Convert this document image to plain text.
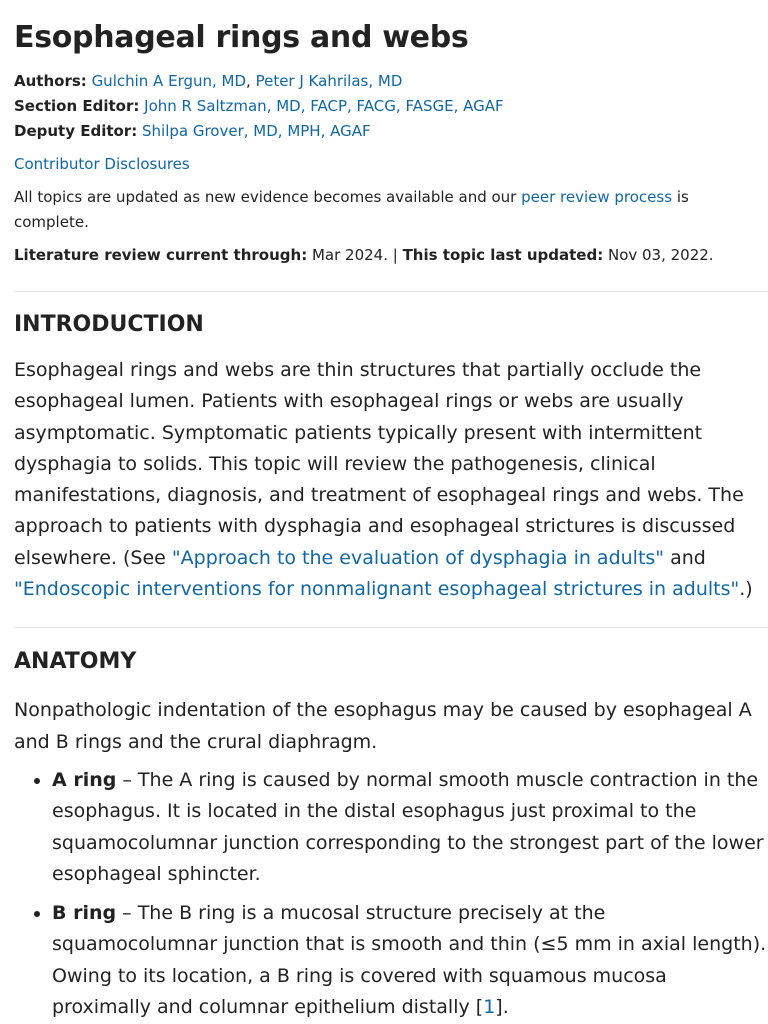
Esophageal rings and webs
Authors: Gulchin A Ergun, MD, Peter J Kahrilas, MD
Section Editor: John R Saltzman, MD, FACP, FACG, FASGE, AGAF
Deputy Editor: Shilpa Grover, MD, MPH, AGAF
Contributor Disclosures
All topics are updated as new evidence becomes available and our peer review process is complete.
Literature review current through: Mar 2024. | This topic last updated: Nov 03, 2022.
INTRODUCTION

Esophageal rings and webs are thin structures that partially occlude the esophageal lumen. Patients with esophageal rings or webs are usually asymptomatic. Symptomatic patients typically present with intermittent dysphagia to solids. This topic will review the pathogenesis, clinical manifestations, diagnosis, and treatment of esophageal rings and webs. The approach to patients with dysphagia and esophageal strictures is discussed elsewhere. (See "Approach to the evaluation of dysphagia in adults" and "Endoscopic interventions for nonmalignant esophageal strictures in adults".)

ANATOMY

Nonpathologic indentation of the esophagus may be caused by esophageal A and B rings and the crural diaphragm.

• A ring – The A ring is caused by normal smooth muscle contraction in the esophagus. It is located in the distal esophagus just proximal to the squamocolumnar junction corresponding to the strongest part of the lower esophageal sphincter.
• B ring – The B ring is a mucosal structure precisely at the squamocolumnar junction that is smooth and thin (≤5 mm in axial length). Owing to its location, a B ring is covered with squamous mucosa proximally and columnar epithelium distally [1].
